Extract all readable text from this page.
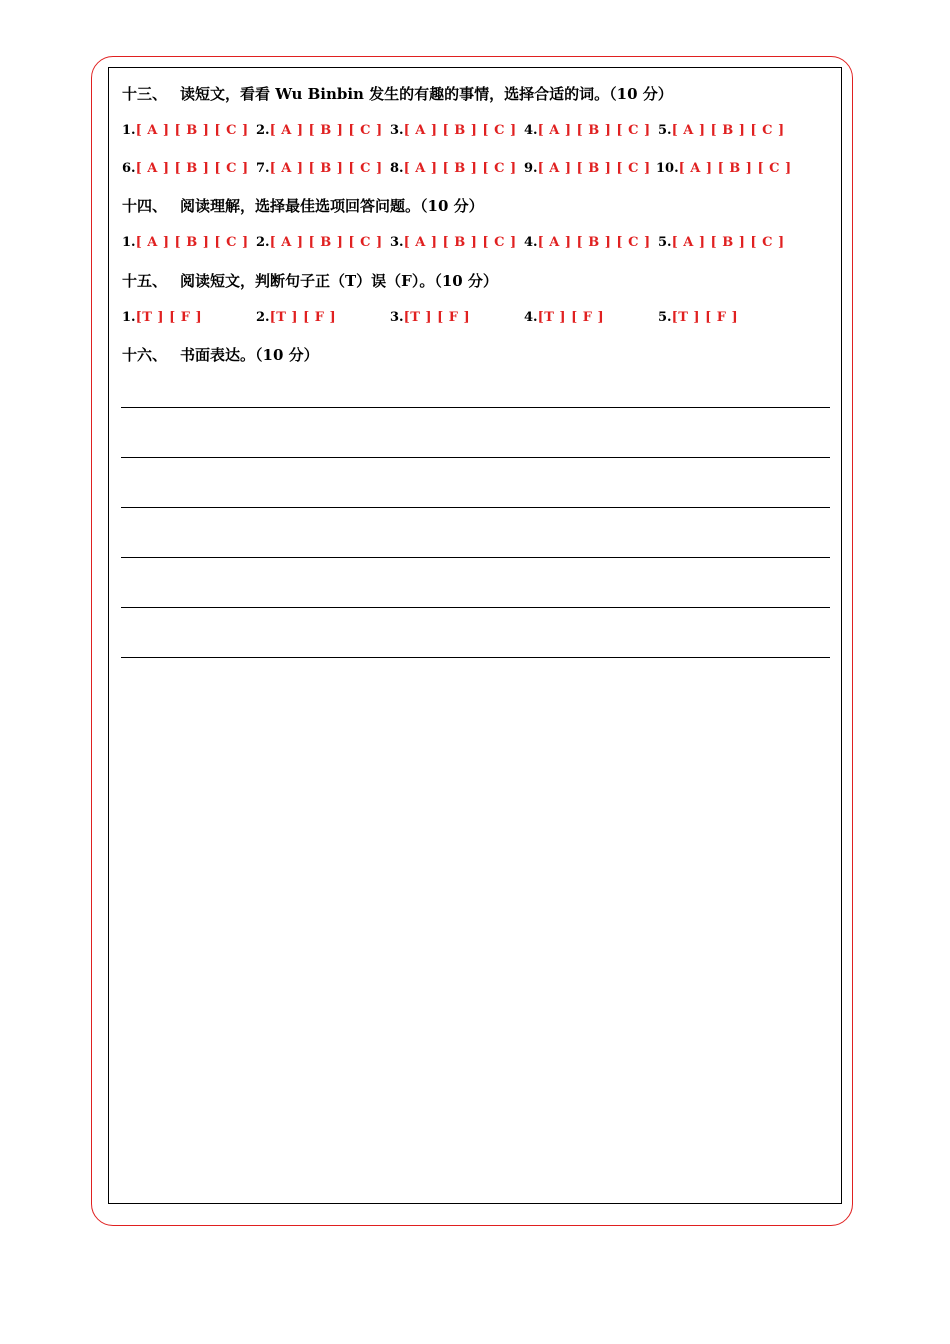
十三、 读短文，看看 Wu Binbin 发生的有趣的事情，选择合适的词。（10 分）
1.[ A ] [ B ] [ C ] 2.[ A ] [ B ] [ C ] 3.[ A ] [ B ] [ C ] 4.[ A ] [ B ] [ C ] 5.[ A ] [ B ] [ C ]
6.[ A ] [ B ] [ C ] 7.[ A ] [ B ] [ C ] 8.[ A ] [ B ] [ C ] 9.[ A ] [ B ] [ C ] 10.[ A ] [ B ] [ C ]
十四、 阅读理解，选择最佳选项回答问题。（10 分）
1.[ A ] [ B ] [ C ] 2.[ A ] [ B ] [ C ] 3.[ A ] [ B ] [ C ] 4.[ A ] [ B ] [ C ] 5.[ A ] [ B ] [ C ]
十五、 阅读短文，判断句子正（T）误（F）。（10 分）
1.[T ] [ F ]	2.[T ] [ F ]	3.[T ] [ F ]	4.[T ] [ F ]	5.[T ] [ F ]
十六、 书面表达。（10 分）
